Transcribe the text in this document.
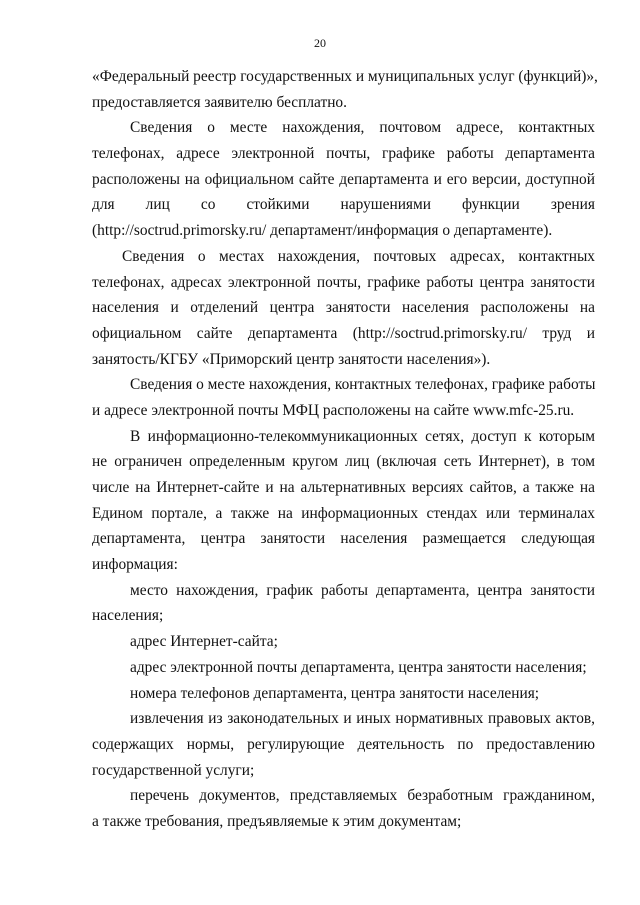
20
«Федеральный реестр государственных и муниципальных услуг (функций)»,
предоставляется заявителю бесплатно.
Сведения о месте нахождения, почтовом адресе, контактных
телефонах, адресе электронной почты, графике работы департамента
расположены на официальном сайте департамента и его версии, доступной
для лиц со стойкими нарушениями функции зрения
(http://soctrud.primorsky.ru/ департамент/информация о департаменте).
Сведения о местах нахождения, почтовых адресах, контактных
телефонах, адресах электронной почты, графике работы центра занятости
населения и отделений центра занятости населения расположены на
официальном сайте департамента (http://soctrud.primorsky.ru/ труд и
занятость/КГБУ «Приморский центр занятости населения»).
Сведения о месте нахождения, контактных телефонах, графике работы
и адресе электронной почты МФЦ расположены на сайте www.mfc-25.ru.
В информационно-телекоммуникационных сетях, доступ к которым
не ограничен определенным кругом лиц (включая сеть Интернет), в том
числе на Интернет-сайте и на альтернативных версиях сайтов, а также на
Едином портале, а также на информационных стендах или терминалах
департамента, центра занятости населения размещается следующая
информация:
место нахождения, график работы департамента, центра занятости
населения;
адрес Интернет-сайта;
адрес электронной почты департамента, центра занятости населения;
номера телефонов департамента, центра занятости населения;
извлечения из законодательных и иных нормативных правовых актов,
содержащих нормы, регулирующие деятельность по предоставлению
государственной услуги;
перечень документов, представляемых безработным гражданином,
а также требования, предъявляемые к этим документам;
